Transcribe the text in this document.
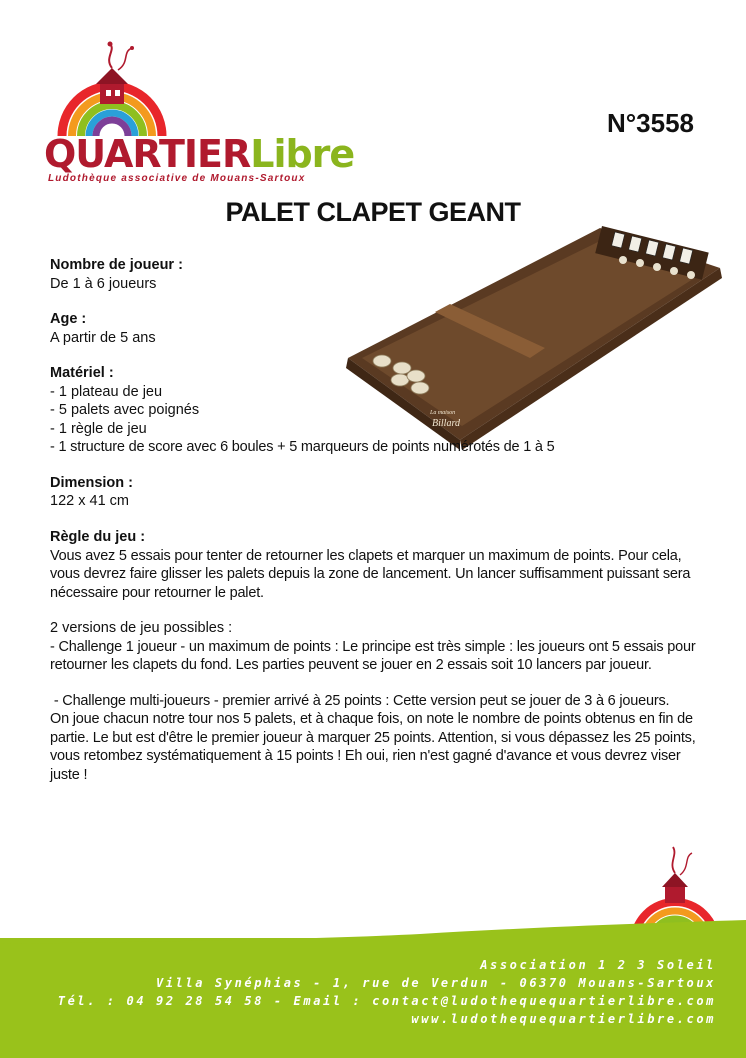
QUARTIERLibre
Ludothèque associative de Mouans-Sartoux
N°3558
PALET CLAPET GEANT
La maison
Billard
Nombre de joueur :

De 1 à 6 joueurs

Age :

A partir de 5 ans

Matériel :

- 1 plateau de jeu

- 5 palets avec poignés

- 1 règle de jeu

- 1 structure de score avec 6 boules + 5 marqueurs de points numérotés de 1 à 5

Dimension :

122 x 41 cm

Règle du jeu :

Vous avez 5 essais pour tenter de retourner les clapets et marquer un maximum de points. Pour cela, vous devrez faire glisser les palets depuis la zone de lancement. Un lancer suffisamment puissant sera nécessaire pour retourner le palet.

2 versions de jeu possibles :

- Challenge 1 joueur - un maximum de points : Le principe est très simple : les joueurs ont 5 essais pour retourner les clapets du fond. Les parties peuvent se jouer en 2 essais soit 10 lancers par joueur.

- Challenge multi-joueurs - premier arrivé à 25 points : Cette version peut se jouer de 3 à 6 joueurs.

On joue chacun notre tour nos 5 palets, et à chaque fois, on note le nombre de points obtenus en fin de partie. Le but est d'être le premier joueur à marquer 25 points. Attention, si vous dépassez les 25 points, vous retombez systématiquement à 15 points ! Eh oui, rien n'est gagné d'avance et vous devrez viser juste !

Association 1 2 3 Soleil
Villa Synéphias - 1, rue de Verdun - 06370 Mouans-Sartoux
Tél. : 04 92 28 54 58 - Email : contact@ludothequequartierlibre.com
www.ludothequequartierlibre.com
